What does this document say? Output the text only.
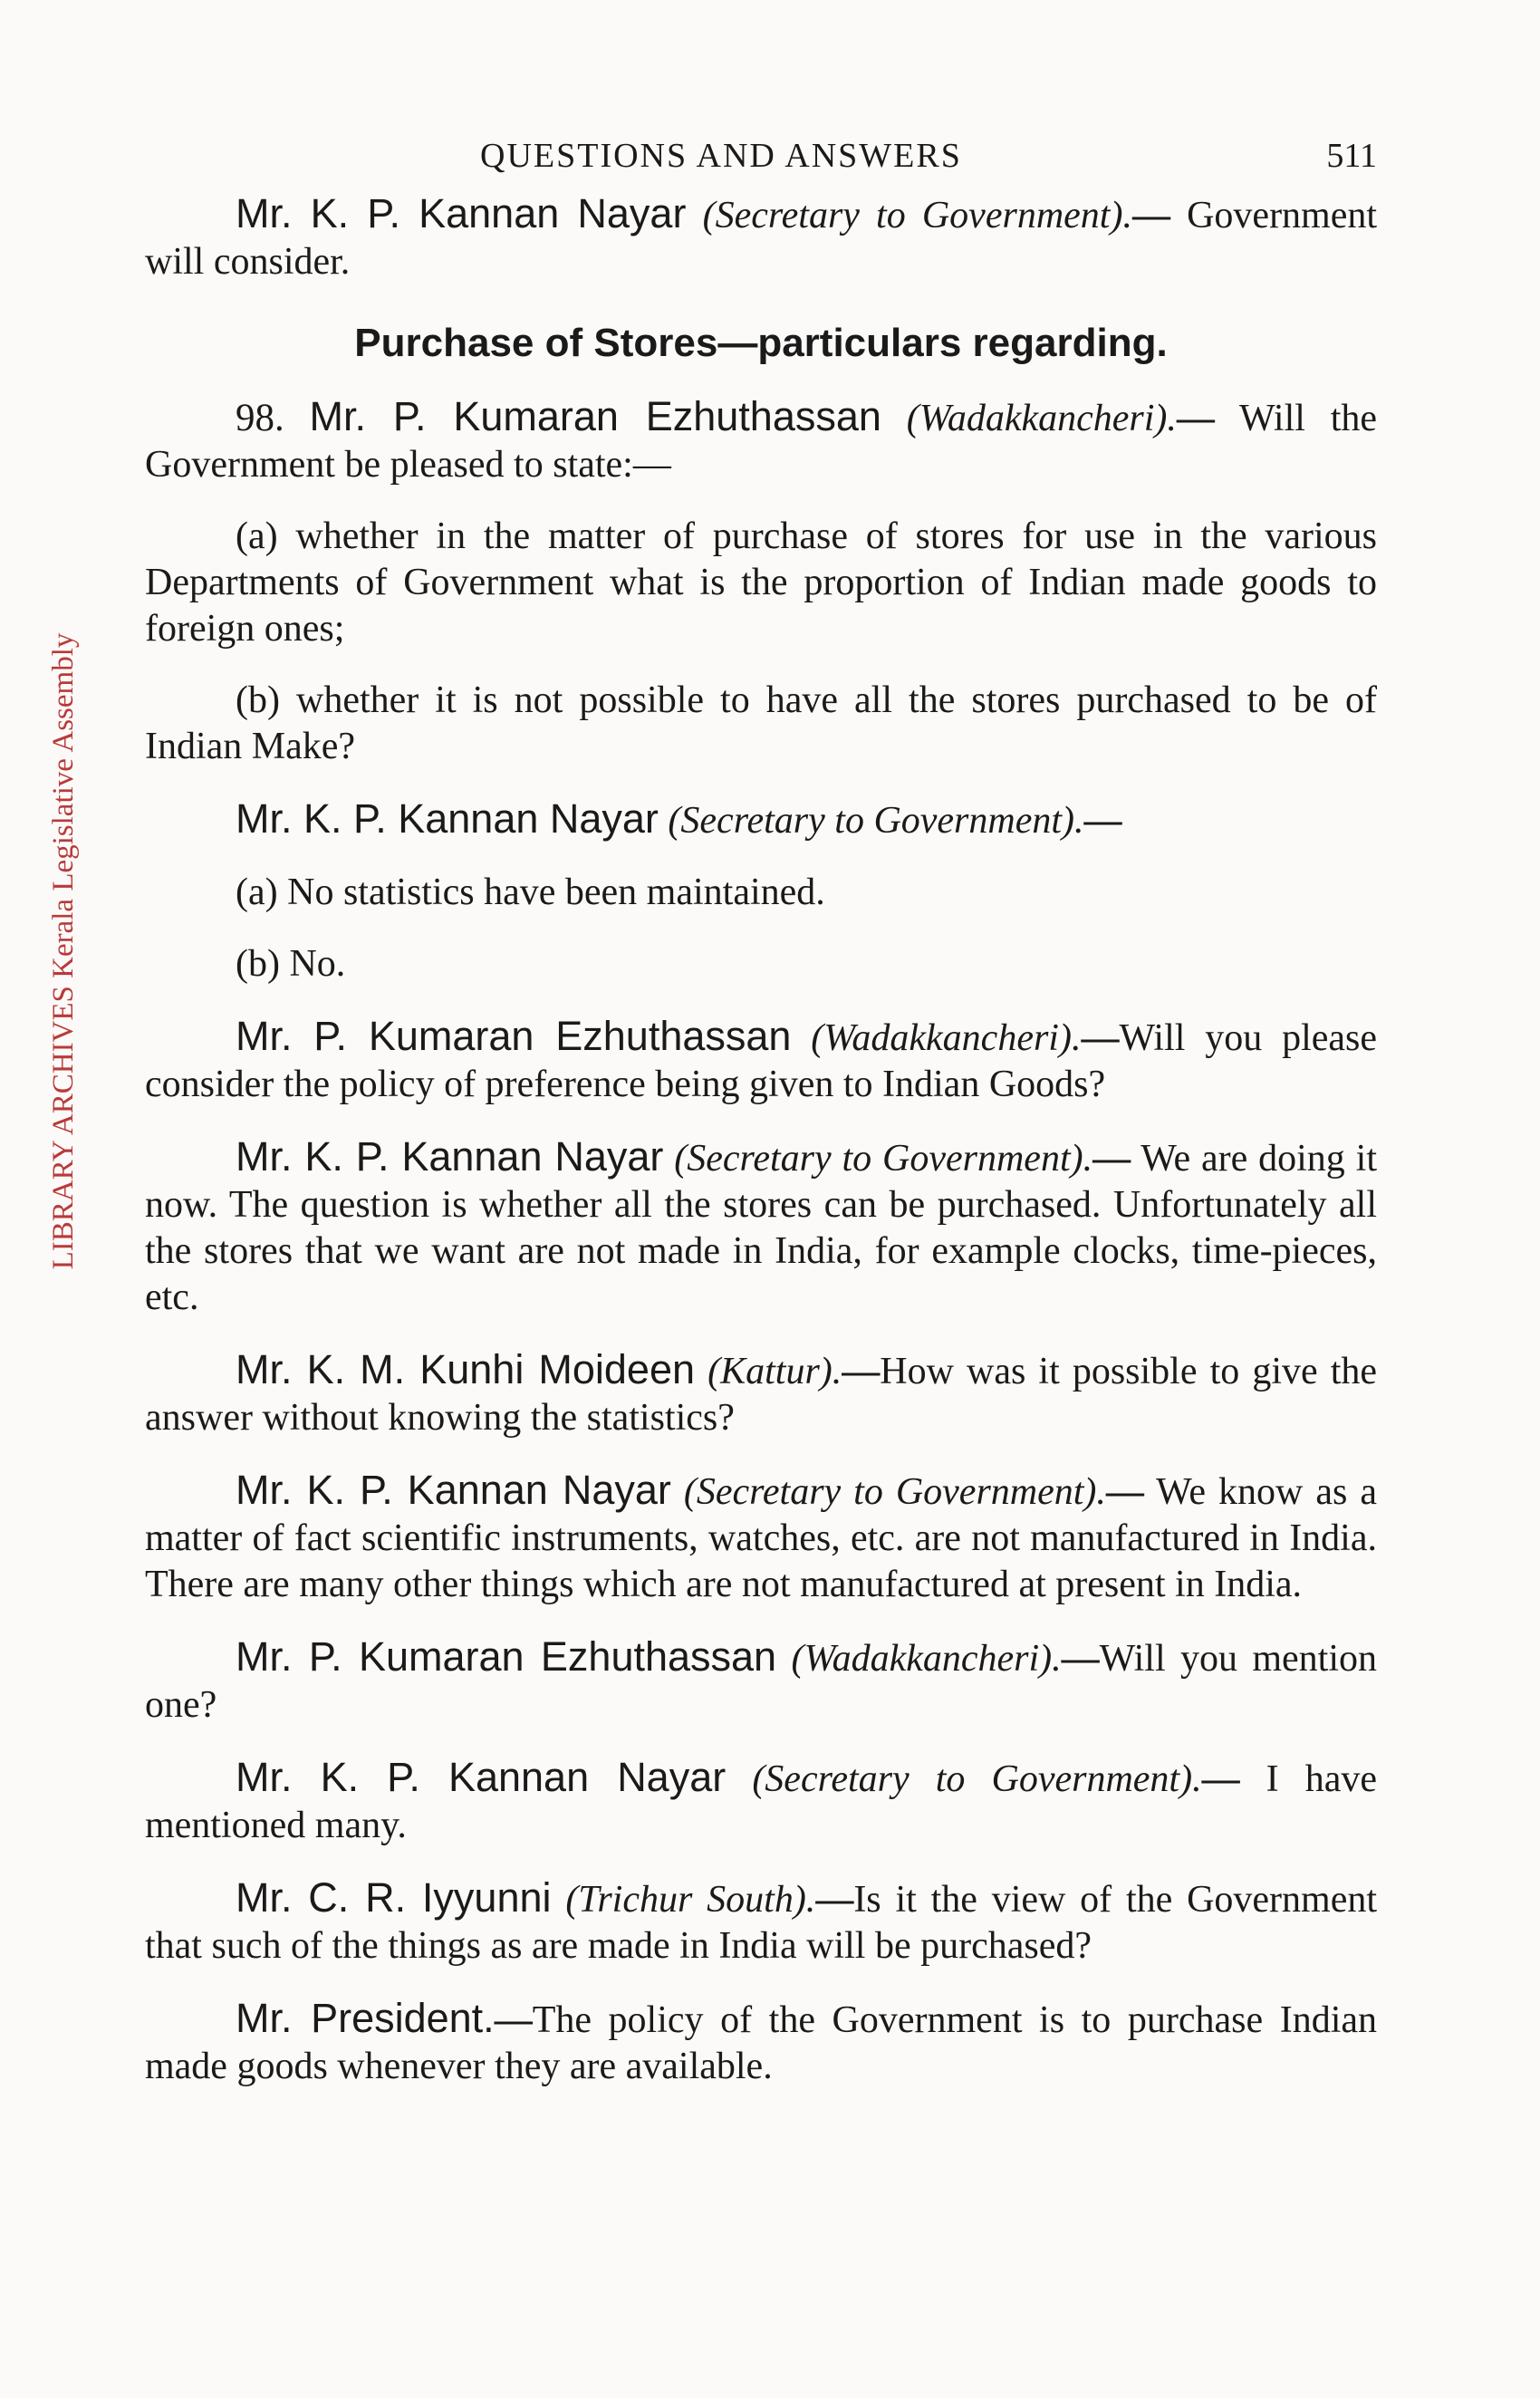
LIBRARY ARCHIVES Kerala Legislative Assembly
QUESTIONS AND ANSWERS	511

Mr. K. P. Kannan Nayar (Secretary to Government).— Government will consider.

Purchase of Stores—particulars regarding.

98. Mr. P. Kumaran Ezhuthassan (Wadakkancheri).— Will the Government be pleased to state:—

(a) whether in the matter of purchase of stores for use in the various Departments of Government what is the proportion of Indian made goods to foreign ones;

(b) whether it is not possible to have all the stores purchased to be of Indian Make?

Mr. K. P. Kannan Nayar (Secretary to Government).—

(a) No statistics have been maintained.

(b) No.

Mr. P. Kumaran Ezhuthassan (Wadakkancheri).—Will you please consider the policy of preference being given to Indian Goods?

Mr. K. P. Kannan Nayar (Secretary to Government).— We are doing it now. The question is whether all the stores can be purchased. Unfortunately all the stores that we want are not made in India, for example clocks, time-pieces, etc.

Mr. K. M. Kunhi Moideen (Kattur).—How was it possible to give the answer without knowing the statistics?

Mr. K. P. Kannan Nayar (Secretary to Government).— We know as a matter of fact scientific instruments, watches, etc. are not manufactured in India. There are many other things which are not manufactured at present in India.

Mr. P. Kumaran Ezhuthassan (Wadakkancheri).—Will you mention one?

Mr. K. P. Kannan Nayar (Secretary to Government).— I have mentioned many.

Mr. C. R. Iyyunni (Trichur South).—Is it the view of the Government that such of the things as are made in India will be purchased?

Mr. President.—The policy of the Government is to purchase Indian made goods whenever they are available.
